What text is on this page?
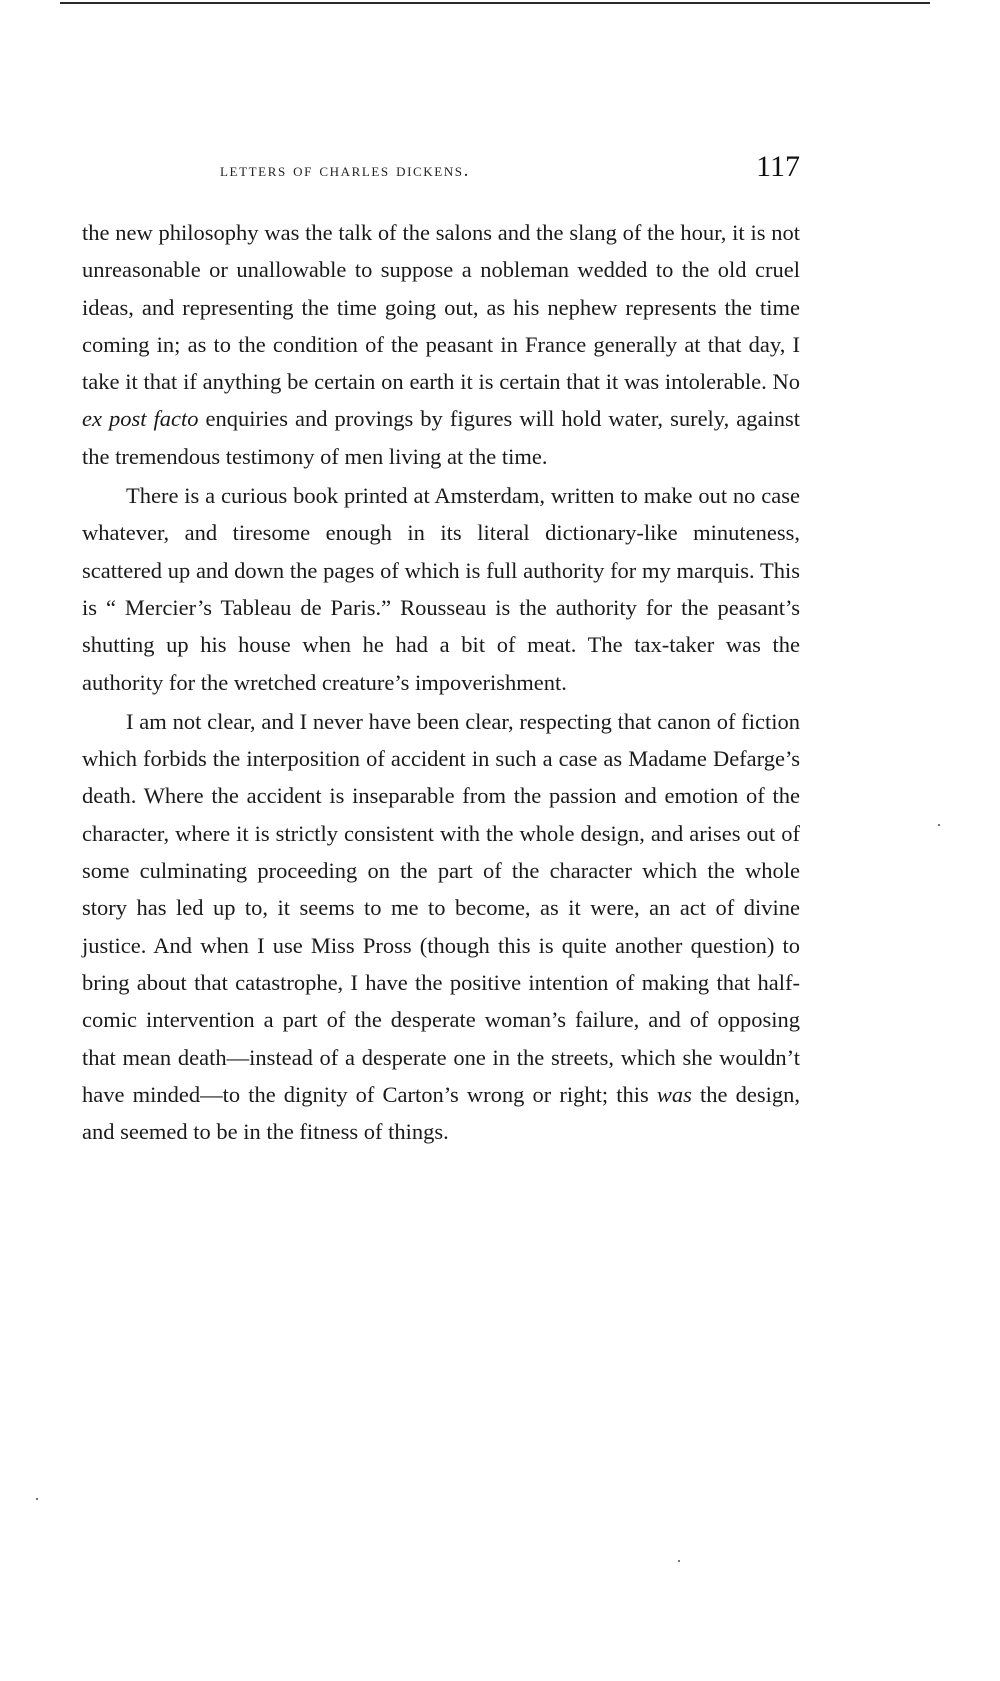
letters of charles dickens.	117

the new philosophy was the talk of the salons and the slang of the hour, it is not unreasonable or unallowable to suppose a nobleman wedded to the old cruel ideas, and representing the time going out, as his nephew represents the time coming in; as to the condition of the peasant in France generally at that day, I take it that if anything be certain on earth it is certain that it was intolerable. No ex post facto enquiries and provings by figures will hold water, surely, against the tremendous testimony of men living at the time.

There is a curious book printed at Amsterdam, written to make out no case whatever, and tiresome enough in its literal dictionary-like minuteness, scattered up and down the pages of which is full authority for my marquis. This is “ Mercier’s Tableau de Paris.” Rousseau is the authority for the peasant’s shutting up his house when he had a bit of meat. The tax-taker was the authority for the wretched creature’s impoverishment.

I am not clear, and I never have been clear, respecting that canon of fiction which forbids the interposition of accident in such a case as Madame Defarge’s death. Where the accident is inseparable from the passion and emotion of the character, where it is strictly consistent with the whole design, and arises out of some culminating proceeding on the part of the character which the whole story has led up to, it seems to me to become, as it were, an act of divine justice. And when I use Miss Pross (though this is quite another question) to bring about that catastrophe, I have the positive intention of making that half-comic intervention a part of the desperate woman’s failure, and of opposing that mean death—instead of a desperate one in the streets, which she wouldn’t have minded—to the dignity of Carton’s wrong or right; this was the design, and seemed to be in the fitness of things.
